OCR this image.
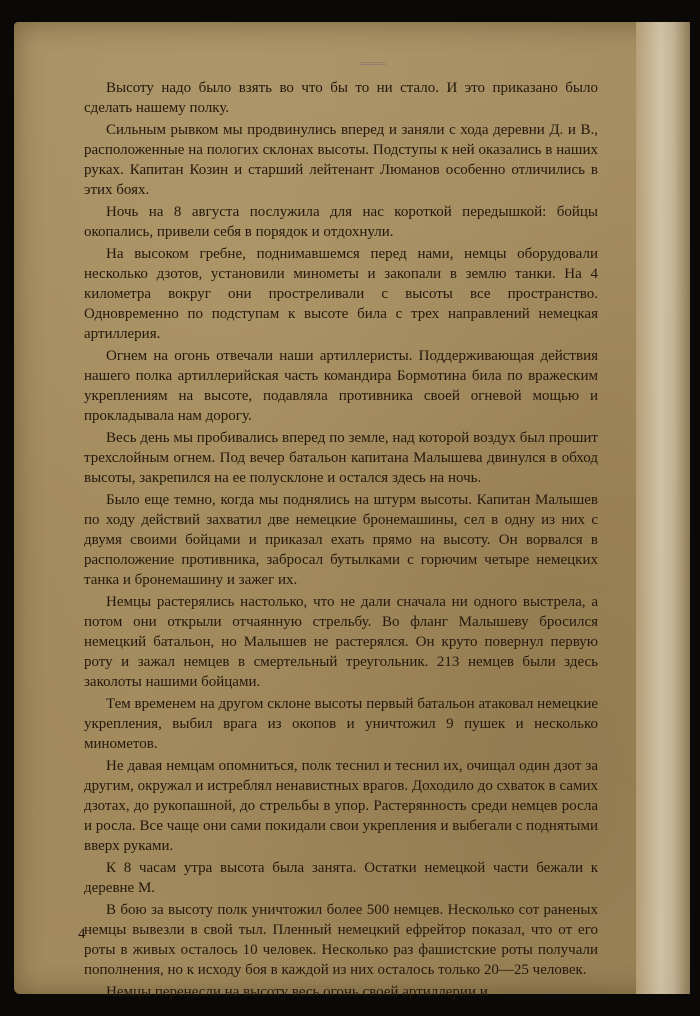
═══

Высоту надо было взять во что бы то ни стало. И это приказано было сделать нашему полку.

Сильным рывком мы продвинулись вперед и заняли с хода деревни Д. и В., расположенные на пологих склонах высоты. Подступы к ней оказались в наших руках. Капитан Козин и старший лейтенант Люманов особенно отличились в этих боях.

Ночь на 8 августа послужила для нас короткой передышкой: бойцы окопались, привели себя в порядок и отдохнули.

На высоком гребне, поднимавшемся перед нами, немцы оборудовали несколько дзотов, установили минометы и закопали в землю танки. На 4 километра вокруг они простреливали с высоты все пространство. Одновременно по подступам к высоте била с трех направлений немецкая артиллерия.

Огнем на огонь отвечали наши артиллеристы. Поддерживающая действия нашего полка артиллерийская часть командира Бормотина била по вражеским укреплениям на высоте, подавляла противника своей огневой мощью и прокладывала нам дорогу.

Весь день мы пробивались вперед по земле, над которой воздух был прошит трехслойным огнем. Под вечер батальон капитана Малышева двинулся в обход высоты, закрепился на ее полусклоне и остался здесь на ночь.

Было еще темно, когда мы поднялись на штурм высоты. Капитан Малышев по ходу действий захватил две немецкие бронемашины, сел в одну из них с двумя своими бойцами и приказал ехать прямо на высоту. Он ворвался в расположение противника, забросал бутылками с горючим четыре немецких танка и бронемашину и зажег их.

Немцы растерялись настолько, что не дали сначала ни одного выстрела, а потом они открыли отчаянную стрельбу. Во фланг Малышеву бросился немецкий батальон, но Малышев не растерялся. Он круто повернул первую роту и зажал немцев в смертельный треугольник. 213 немцев были здесь заколоты нашими бойцами.

Тем временем на другом склоне высоты первый батальон атаковал немецкие укрепления, выбил врага из окопов и уничтожил 9 пушек и несколько минометов.

Не давая немцам опомниться, полк теснил и теснил их, очищал один дзот за другим, окружал и истреблял ненавистных врагов. Доходило до схваток в самих дзотах, до рукопашной, до стрельбы в упор. Растерянность среди немцев росла и росла. Все чаще они сами покидали свои укрепления и выбегали с поднятыми вверх руками.

К 8 часам утра высота была занята. Остатки немецкой части бежали к деревне М.

В бою за высоту полк уничтожил более 500 немцев. Несколько сот раненых немцы вывезли в свой тыл. Пленный немецкий ефрейтор показал, что от его роты в живых осталось 10 человек. Несколько раз фашистские роты получали пополнения, но к исходу боя в каждой из них осталось только 20—25 человек.

Немцы перенесли на высоту весь огонь своей артиллерии и

4
